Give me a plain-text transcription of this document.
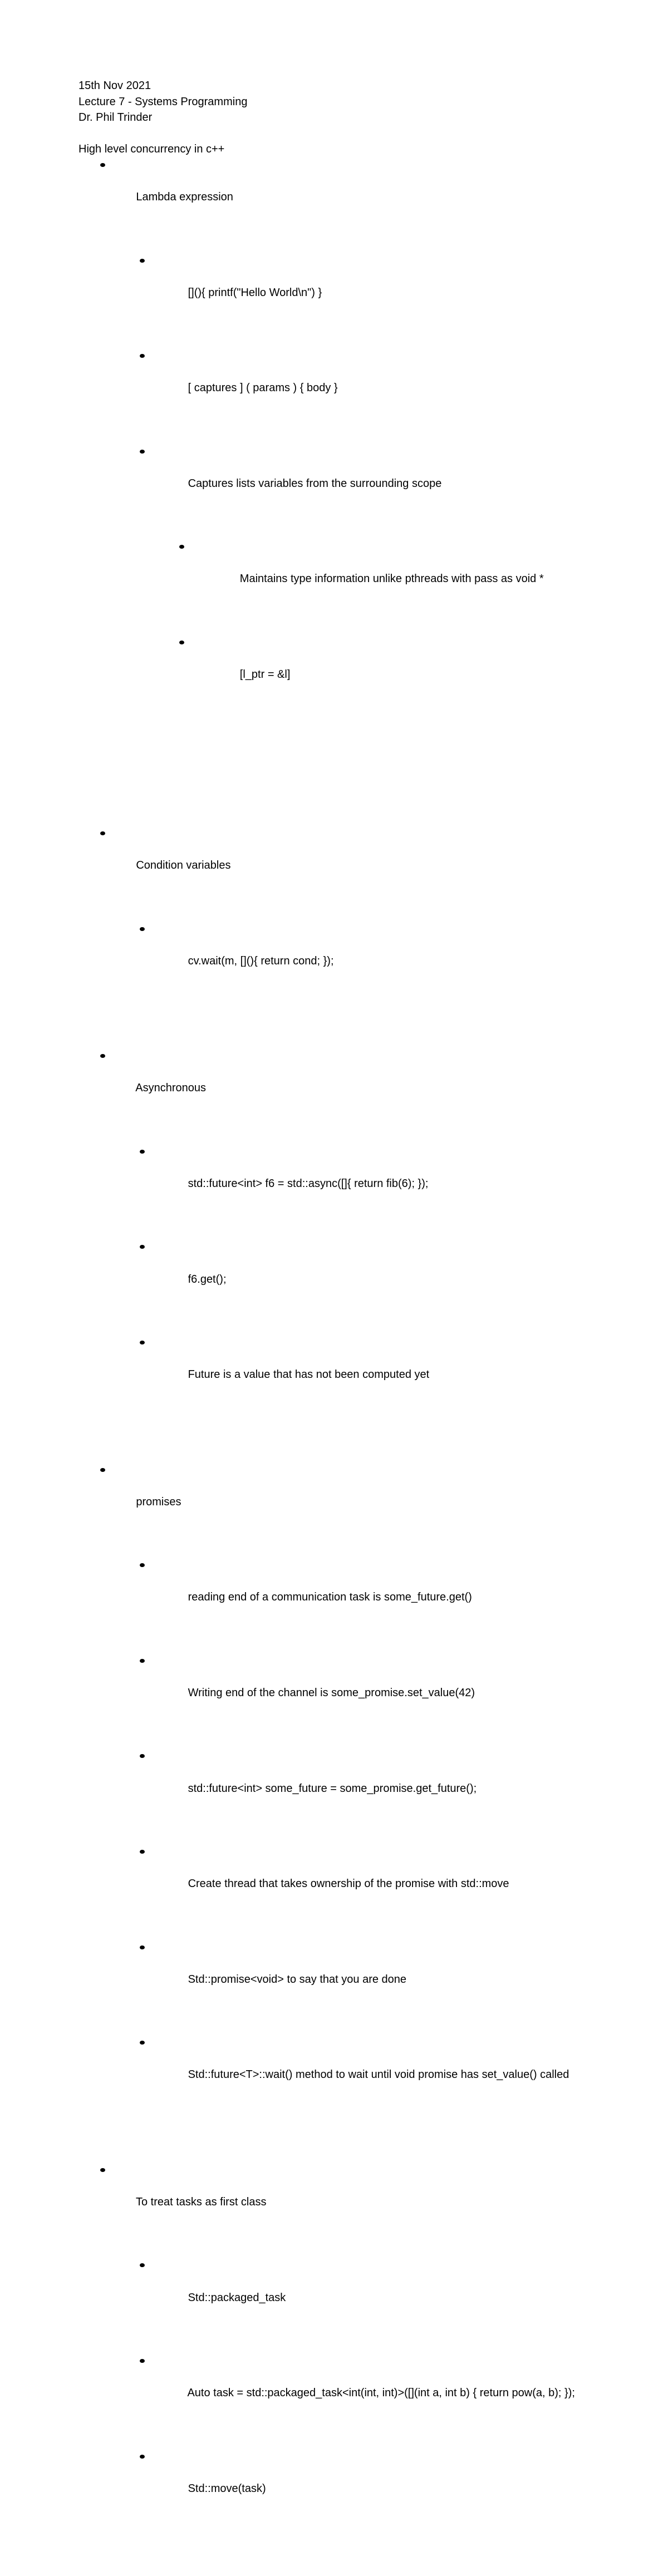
15th Nov 2021
Lecture 7 - Systems Programming
Dr. Phil Trinder
High level concurrency in c++

Lambda expression

[](){ printf("Hello World\n") }

[ captures ] ( params ) { body }

Captures lists variables from the surrounding scope

Maintains type information unlike pthreads with pass as void *

[l_ptr = &l]

Condition variables

cv.wait(m, [](){ return cond; });

Asynchronous

std::future<int> f6 = std::async([]{ return fib(6); });

f6.get();

Future is a value that has not been computed yet

promises

reading end of a communication task is some_future.get()

Writing end of the channel is some_promise.set_value(42)

std::future<int> some_future = some_promise.get_future();

Create thread that takes ownership of the promise with std::move

Std::promise<void> to say that you are done

Std::future<T>::wait() method to wait until void promise has set_value() called

To treat tasks as first class

Std::packaged_task

Auto task = std::packaged_task<int(int, int)>([](int a, int b) { return pow(a, b); });

Std::move(task)
